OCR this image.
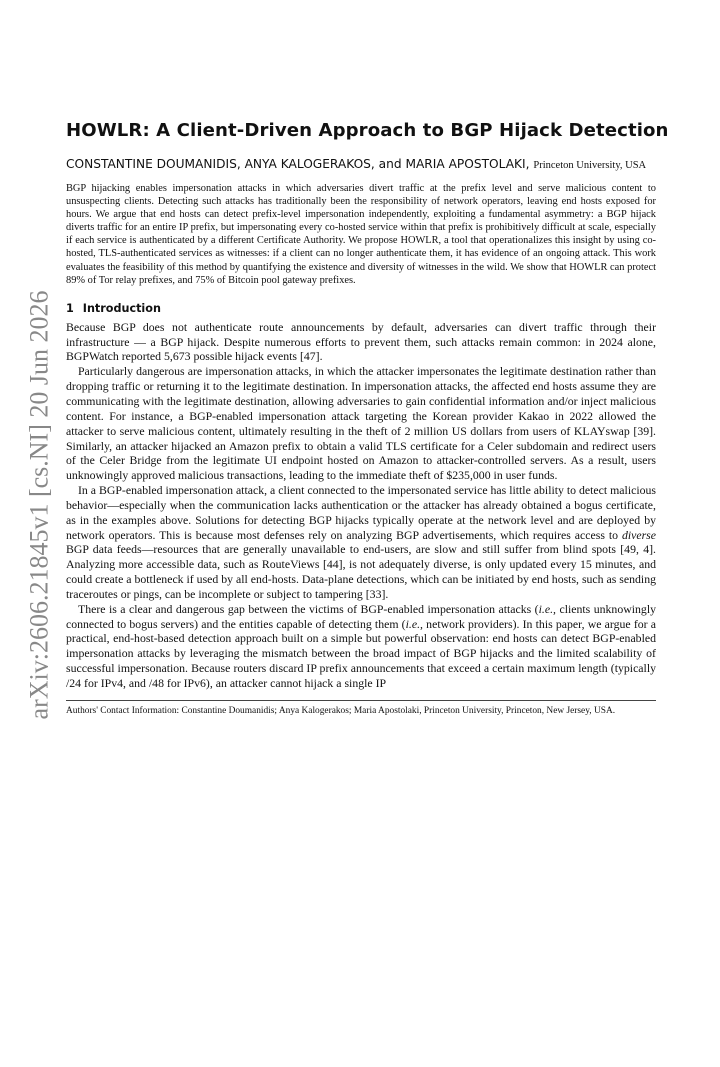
arXiv:2606.21845v1 [cs.NI] 20 Jun 2026
HOWLR: A Client-Driven Approach to BGP Hijack Detection
CONSTANTINE DOUMANIDIS, ANYA KALOGERAKOS, and MARIA APOSTOLAKI, Princeton University, USA
BGP hijacking enables impersonation attacks in which adversaries divert traffic at the prefix level and serve malicious content to unsuspecting clients. Detecting such attacks has traditionally been the responsibility of network operators, leaving end hosts exposed for hours. We argue that end hosts can detect prefix-level impersonation independently, exploiting a fundamental asymmetry: a BGP hijack diverts traffic for an entire IP prefix, but impersonating every co-hosted service within that prefix is prohibitively difficult at scale, especially if each service is authenticated by a different Certificate Authority. We propose HOWLR, a tool that operationalizes this insight by using co-hosted, TLS-authenticated services as witnesses: if a client can no longer authenticate them, it has evidence of an ongoing attack. This work evaluates the feasibility of this method by quantifying the existence and diversity of witnesses in the wild. We show that HOWLR can protect 89% of Tor relay prefixes, and 75% of Bitcoin pool gateway prefixes.
1 Introduction

Because BGP does not authenticate route announcements by default, adversaries can divert traffic through their infrastructure — a BGP hijack. Despite numerous efforts to prevent them, such attacks remain common: in 2024 alone, BGPWatch reported 5,673 possible hijack events [47].

Particularly dangerous are impersonation attacks, in which the attacker impersonates the legitimate destination rather than dropping traffic or returning it to the legitimate destination. In impersonation attacks, the affected end hosts assume they are communicating with the legitimate destination, allowing adversaries to gain confidential information and/or inject malicious content. For instance, a BGP-enabled impersonation attack targeting the Korean provider Kakao in 2022 allowed the attacker to serve malicious content, ultimately resulting in the theft of 2 million US dollars from users of KLAYswap [39]. Similarly, an attacker hijacked an Amazon prefix to obtain a valid TLS certificate for a Celer subdomain and redirect users of the Celer Bridge from the legitimate UI endpoint hosted on Amazon to attacker-controlled servers. As a result, users unknowingly approved malicious transactions, leading to the immediate theft of $235,000 in user funds.

In a BGP-enabled impersonation attack, a client connected to the impersonated service has little ability to detect malicious behavior—especially when the communication lacks authentication or the attacker has already obtained a bogus certificate, as in the examples above. Solutions for detecting BGP hijacks typically operate at the network level and are deployed by network operators. This is because most defenses rely on analyzing BGP advertisements, which requires access to diverse BGP data feeds—resources that are generally unavailable to end-users, are slow and still suffer from blind spots [49, 4]. Analyzing more accessible data, such as RouteViews [44], is not adequately diverse, is only updated every 15 minutes, and could create a bottleneck if used by all end-hosts. Data-plane detections, which can be initiated by end hosts, such as sending traceroutes or pings, can be incomplete or subject to tampering [33].

There is a clear and dangerous gap between the victims of BGP-enabled impersonation attacks (i.e., clients unknowingly connected to bogus servers) and the entities capable of detecting them (i.e., network providers). In this paper, we argue for a practical, end-host-based detection approach built on a simple but powerful observation: end hosts can detect BGP-enabled impersonation attacks by leveraging the mismatch between the broad impact of BGP hijacks and the limited scalability of successful impersonation. Because routers discard IP prefix announcements that exceed a certain maximum length (typically /24 for IPv4, and /48 for IPv6), an attacker cannot hijack a single IP

Authors' Contact Information: Constantine Doumanidis; Anya Kalogerakos; Maria Apostolaki, Princeton University, Princeton, New Jersey, USA.
